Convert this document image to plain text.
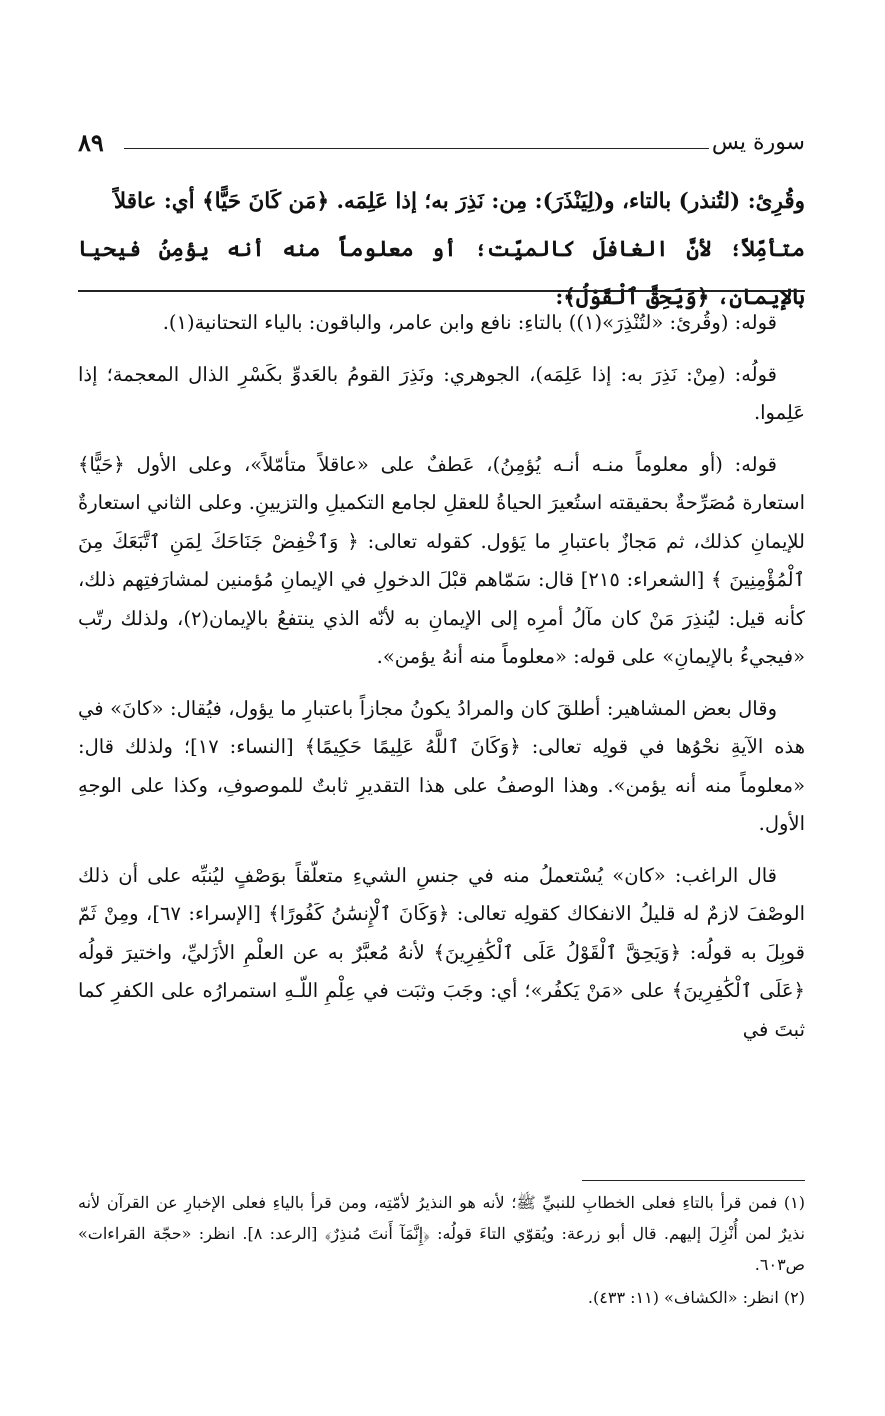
سورة يس
٨٩

وقُرِئ: (لتُنذر) بالتاء، و(لِيَنْذَرَ): مِن: نَذِرَ به؛ إذا عَلِمَه. ﴿مَن كَانَ حَيًّا﴾ أي: عاقلاً

متأمِّلاً؛ لأنَّ الغافلَ كالميِّت؛ أو معلوماً منه أنه يؤمِنُ فيحيا بالإيمان، ﴿وَيَحِقَّ ٱلْقَوْلُ﴾:

قوله: (وقُرئ: «لتُنْذِرَ»(١)) بالتاءِ: نافع وابن عامر، والباقون: بالياء التحتانية(١).

قولُه: (مِنْ: نَذِرَ به: إذا عَلِمَه)، الجوهري: ونَذِرَ القومُ بالعَدوِّ بكَسْرِ الذال المعجمة؛ إذا عَلِموا.

قوله: (أو معلوماً منـه أنـه يُؤمِنُ)، عَطفٌ على «عاقلاً متأمّلاً»، وعلى الأول ﴿حَيًّا﴾ استعارة مُصَرِّحةٌ بحقيقته استُعيرَ الحياةُ للعقلِ لجامع التكميلِ والتزيينِ. وعلى الثاني استعارةٌ للإيمانِ كذلك، ثم مَجازٌ باعتبارِ ما يَؤول. كقوله تعالى: ﴿ وَٱخْفِضْ جَنَاحَكَ لِمَنِ ٱتَّبَعَكَ مِنَ ٱلْمُؤْمِنِينَ ﴾ [الشعراء: ٢١٥] قال: سَمّاهم قبْلَ الدخولِ في الإيمانِ مُؤمنين لمشارَفتِهم ذلك، كأنه قيل: ليُنذِرَ مَنْ كان مآلُ أمرِه إلى الإيمانِ به لأنّه الذي ينتفعُ بالإيمان(٢)، ولذلك رتّب «فيجيءُ بالإيمانِ» على قوله: «معلوماً منه أنهُ يؤمن».

وقال بعض المشاهير: أطلقَ كان والمرادُ يكونُ مجازاً باعتبارِ ما يؤول، فيُقال: «كانَ» في هذه الآيةِ نحْوُها في قولِه تعالى: ﴿وَكَانَ ٱللَّهُ عَلِيمًا حَكِيمًا﴾ [النساء: ١٧]؛ ولذلك قال: «معلوماً منه أنه يؤمن». وهذا الوصفُ على هذا التقديرِ ثابتٌ للموصوفِ، وكذا على الوجهِ الأول.

قال الراغب: «كان» يُسْتعملُ منه في جنسِ الشيءِ متعلّقاً بوَصْفٍ ليُنبِّه على أن ذلك الوصْفَ لازمٌ له قليلُ الانفكاك كقولِه تعالى: ﴿وَكَانَ ٱلْإِنسَٰنُ كَفُورًا﴾ [الإسراء: ٦٧]، ومِنْ ثَمّ قوبِلَ به قولُه: ﴿وَيَحِقَّ ٱلْقَوْلُ عَلَى ٱلْكَٰفِرِينَ﴾ لأنهُ مُعبَّرٌ به عن العلْمِ الأزَليِّ، واختيرَ قولُه ﴿عَلَى ٱلْكَٰفِرِينَ﴾ على «مَنْ يَكفُر»؛ أي: وجَبَ وثبَت في عِلْمِ اللّـهِ استمرارُه على الكفرِ كما ثبتَ في

(١) فمن قرأ بالتاءِ فعلى الخطابِ للنبيِّ ﷺ؛ لأنه هو النذيرُ لأمّتِه، ومن قرأ بالياءِ فعلى الإخبارِ عن القرآن لأنه نذيرٌ لمن أُنْزِلَ إليهم. قال أبو زرعة: ويُقوّي التاءَ قولُه: ﴿إِنَّمَآ أَنتَ مُنذِرٌ﴾ [الرعد: ٨]. انظر: «حجّة القراءات» ص٦٠٣.

(٢) انظر: «الكشاف» (١١: ٤٣٣).
